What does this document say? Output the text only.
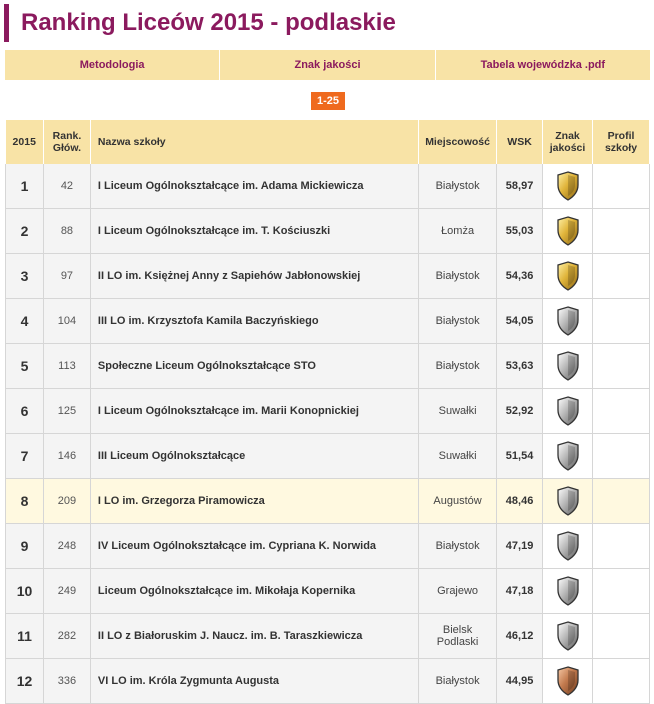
Ranking Liceów 2015 - podlaskie
Metodologia	Znak jakości	Tabela wojewódzka .pdf
1-25
2015	Rank. Głów.	Nazwa szkoły	Miejscowość	WSK	Znak jakości	Profil szkoły
1	42	I Liceum Ogólnokształcące im. Adama Mickiewicza	Białystok	58,97		
2	88	I Liceum Ogólnokształcące im. T. Kościuszki	Łomża	55,03		
3	97	II LO im. Księżnej Anny z Sapiehów Jabłonowskiej	Białystok	54,36		
4	104	III LO im. Krzysztofa Kamila Baczyńskiego	Białystok	54,05		
5	113	Społeczne Liceum Ogólnokształcące STO	Białystok	53,63		
6	125	I Liceum Ogólnokształcące im. Marii Konopnickiej	Suwałki	52,92		
7	146	III Liceum Ogólnokształcące	Suwałki	51,54		
8	209	I LO im. Grzegorza Piramowicza	Augustów	48,46		
9	248	IV Liceum Ogólnokształcące im. Cypriana K. Norwida	Białystok	47,19		
10	249	Liceum Ogólnokształcące im. Mikołaja Kopernika	Grajewo	47,18		
11	282	II LO z Białoruskim J. Naucz. im. B. Taraszkiewicza	Bielsk Podlaski	46,12		
12	336	VI LO im. Króla Zygmunta Augusta	Białystok	44,95		
